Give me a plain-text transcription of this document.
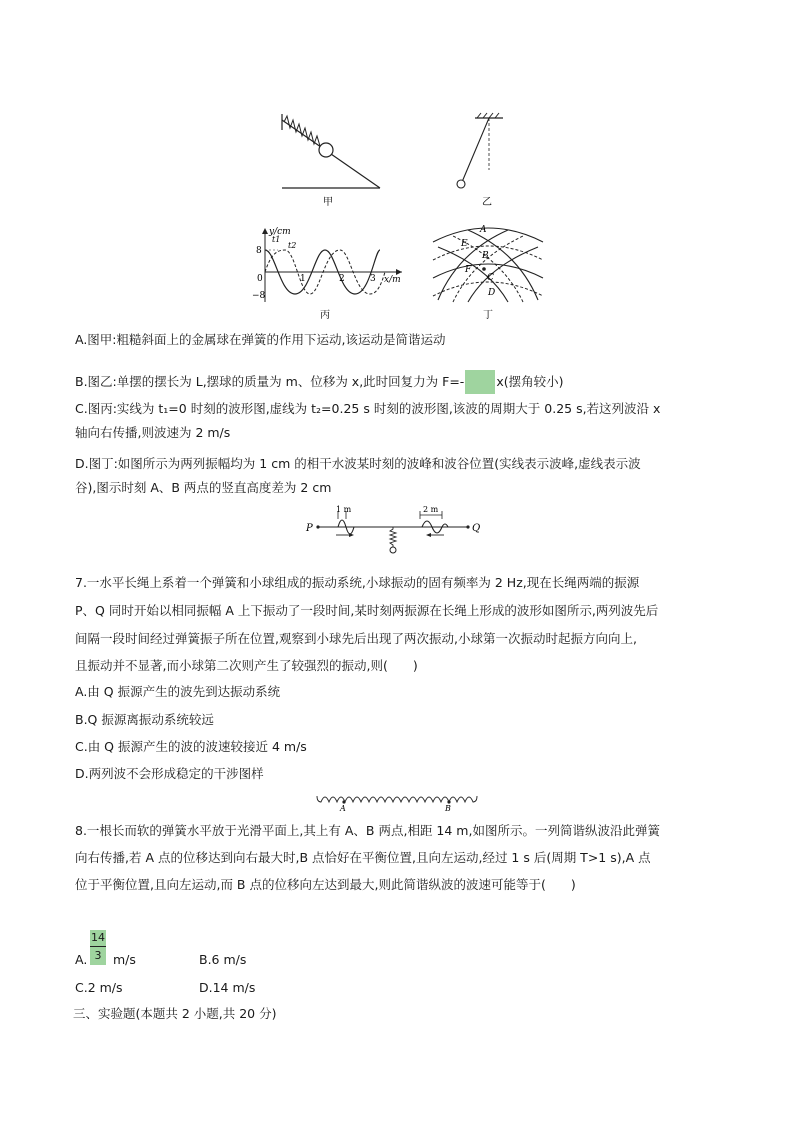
甲	乙
y/cm
x/m
t1
t2
8
−8
0	1	2	3
丙
A
E
B
F
C
D
丁
A.图甲:粗糙斜面上的金属球在弹簧的作用下运动,该运动是简谐运动
B.图乙:单摆的摆长为 L,摆球的质量为 m、位移为 x,此时回复力为 F=-	x(摆角较小)
C.图丙:实线为 t₁=0 时刻的波形图,虚线为 t₂=0.25 s 时刻的波形图,该波的周期大于 0.25 s,若这列波沿 x
轴向右传播,则波速为 2 m/s
D.图丁:如图所示为两列振幅均为 1 cm 的相干水波某时刻的波峰和波谷位置(实线表示波峰,虚线表示波
谷),图示时刻 A、B 两点的竖直高度差为 2 cm
P	Q
1 m	2 m
7.一水平长绳上系着一个弹簧和小球组成的振动系统,小球振动的固有频率为 2 Hz,现在长绳两端的振源
P、Q 同时开始以相同振幅 A 上下振动了一段时间,某时刻两振源在长绳上形成的波形如图所示,两列波先后
间隔一段时间经过弹簧振子所在位置,观察到小球先后出现了两次振动,小球第一次振动时起振方向向上,
且振动并不显著,而小球第二次则产生了较强烈的振动,则(　　)
A.由 Q 振源产生的波先到达振动系统
B.Q 振源离振动系统较远
C.由 Q 振源产生的波的波速较接近 4 m/s
D.两列波不会形成稳定的干涉图样
A	B
8.一根长而软的弹簧水平放于光滑平面上,其上有 A、B 两点,相距 14 m,如图所示。一列简谐纵波沿此弹簧
向右传播,若 A 点的位移达到向右最大时,B 点恰好在平衡位置,且向左运动,经过 1 s 后(周期 T>1 s),A 点
位于平衡位置,且向左运动,而 B 点的位移向左达到最大,则此简谐纵波的波速可能等于(　　)
A. $\frac{14}{3} m/s$	B.6 m/s
C.2 m/s	D.14 m/s
三、实验题(本题共 2 小题,共 20 分)
